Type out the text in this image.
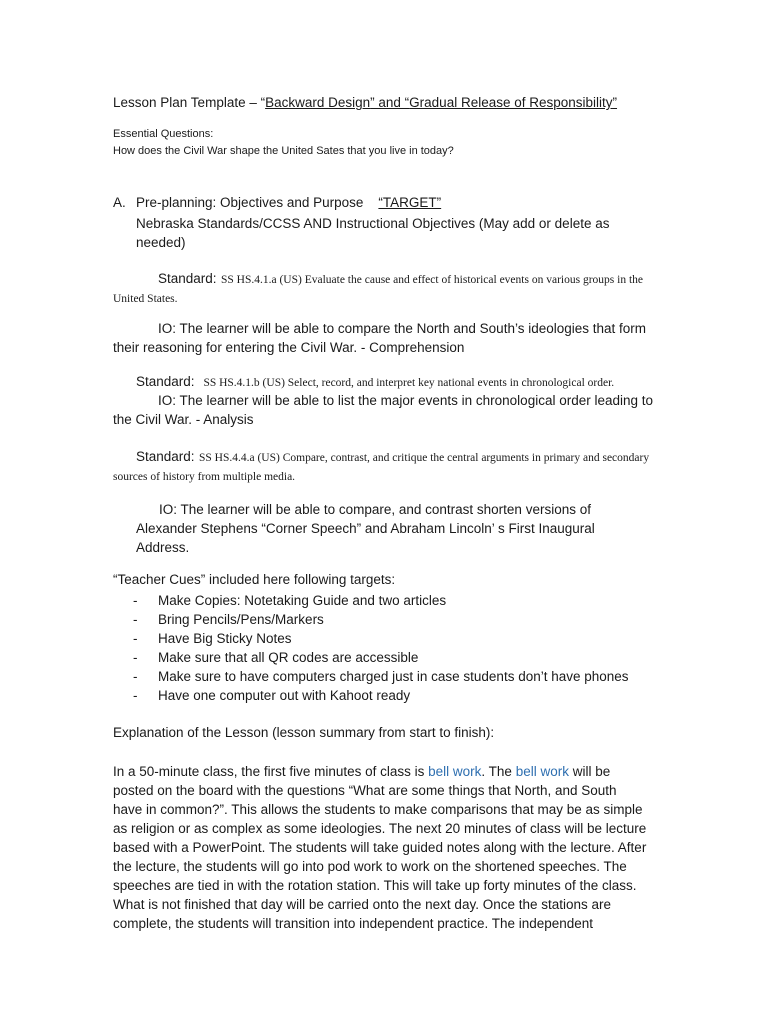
Lesson Plan Template – “Backward Design” and “Gradual Release of Responsibility”
Essential Questions:
How does the Civil War shape the United Sates that you live in today?
A. Pre-planning: Objectives and Purpose “TARGET”
Nebraska Standards/CCSS AND Instructional Objectives (May add or delete as needed)
Standard: SS HS.4.1.a (US) Evaluate the cause and effect of historical events on various groups in the United States.
IO: The learner will be able to compare the North and South’s ideologies that form their reasoning for entering the Civil War. - Comprehension
Standard: SS HS.4.1.b (US) Select, record, and interpret key national events in chronological order.
IO: The learner will be able to list the major events in chronological order leading to the Civil War. - Analysis
Standard: SS HS.4.4.a (US) Compare, contrast, and critique the central arguments in primary and secondary sources of history from multiple media.
IO: The learner will be able to compare, and contrast shorten versions of Alexander Stephens “Corner Speech” and Abraham Lincoln’ s First Inaugural Address.
“Teacher Cues” included here following targets:
-	Make Copies: Notetaking Guide and two articles
-	Bring Pencils/Pens/Markers
-	Have Big Sticky Notes
-	Make sure that all QR codes are accessible
-	Make sure to have computers charged just in case students don’t have phones
-	Have one computer out with Kahoot ready
Explanation of the Lesson (lesson summary from start to finish):
In a 50-minute class, the first five minutes of class is bell work. The bell work will be posted on the board with the questions “What are some things that North, and South have in common?”. This allows the students to make comparisons that may be as simple as religion or as complex as some ideologies. The next 20 minutes of class will be lecture based with a PowerPoint. The students will take guided notes along with the lecture. After the lecture, the students will go into pod work to work on the shortened speeches. The speeches are tied in with the rotation station. This will take up forty minutes of the class. What is not finished that day will be carried onto the next day. Once the stations are complete, the students will transition into independent practice. The independent
